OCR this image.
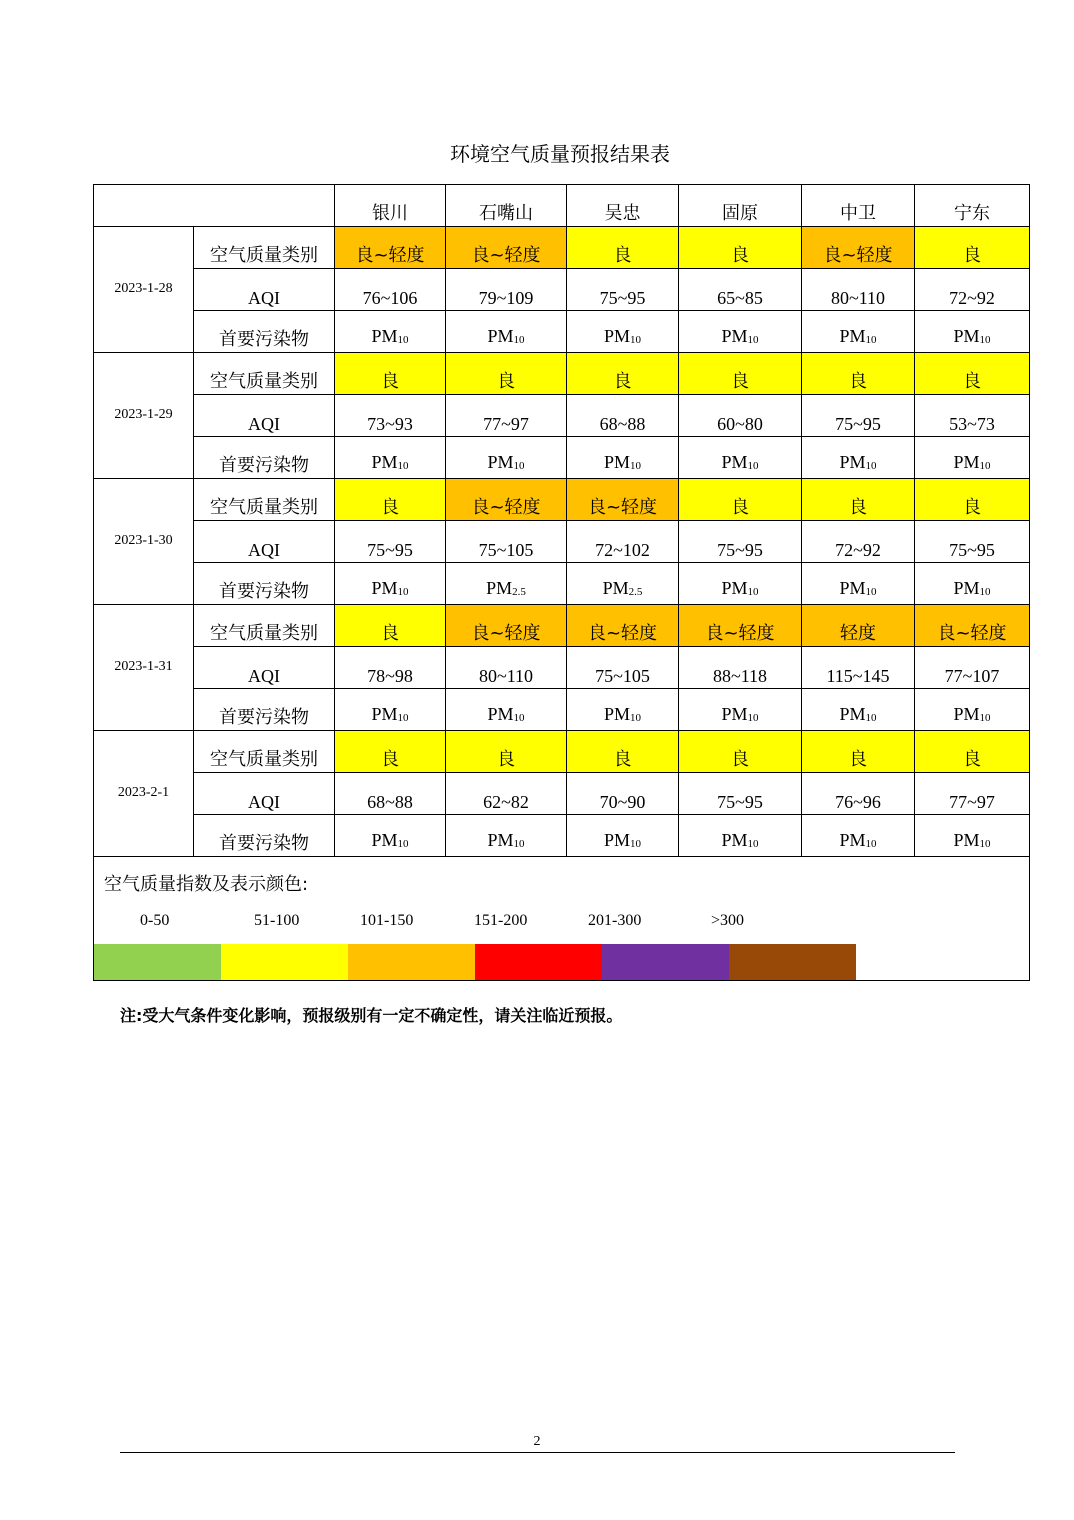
环境空气质量预报结果表
		银川	石嘴山	吴忠	固原	中卫	宁东
2023-1-28	空气质量类别	良~轻度	良~轻度	良	良	良~轻度	良
	AQI	76~106	79~109	75~95	65~85	80~110	72~92
	首要污染物	$PM_{10}$	$PM_{10}$	$PM_{10}$	$PM_{10}$	$PM_{10}$	$PM_{10}$
2023-1-29	空气质量类别	良	良	良	良	良	良
	AQI	73~93	77~97	68~88	60~80	75~95	53~73
	首要污染物	$PM_{10}$	$PM_{10}$	$PM_{10}$	$PM_{10}$	$PM_{10}$	$PM_{10}$
2023-1-30	空气质量类别	良	良~轻度	良~轻度	良	良	良
	AQI	75~95	75~105	72~102	75~95	72~92	75~95
	首要污染物	$PM_{10}$	$PM_{2.5}$	$PM_{2.5}$	$PM_{10}$	$PM_{10}$	$PM_{10}$
2023-1-31	空气质量类别	良	良~轻度	良~轻度	良~轻度	轻度	良~轻度
	AQI	78~98	80~110	75~105	88~118	115~145	77~107
	首要污染物	$PM_{10}$	$PM_{10}$	$PM_{10}$	$PM_{10}$	$PM_{10}$	$PM_{10}$
2023-2-1	空气质量类别	良	良	良	良	良	良
	AQI	68~88	62~82	70~90	75~95	76~96	77~97
	首要污染物	$PM_{10}$	$PM_{10}$	$PM_{10}$	$PM_{10}$	$PM_{10}$	$PM_{10}$
空气质量指数及表示颜色:
0-50	51-100	101-150	151-200	201-300	>300
注:受大气条件变化影响，预报级别有一定不确定性，请关注临近预报。
2
